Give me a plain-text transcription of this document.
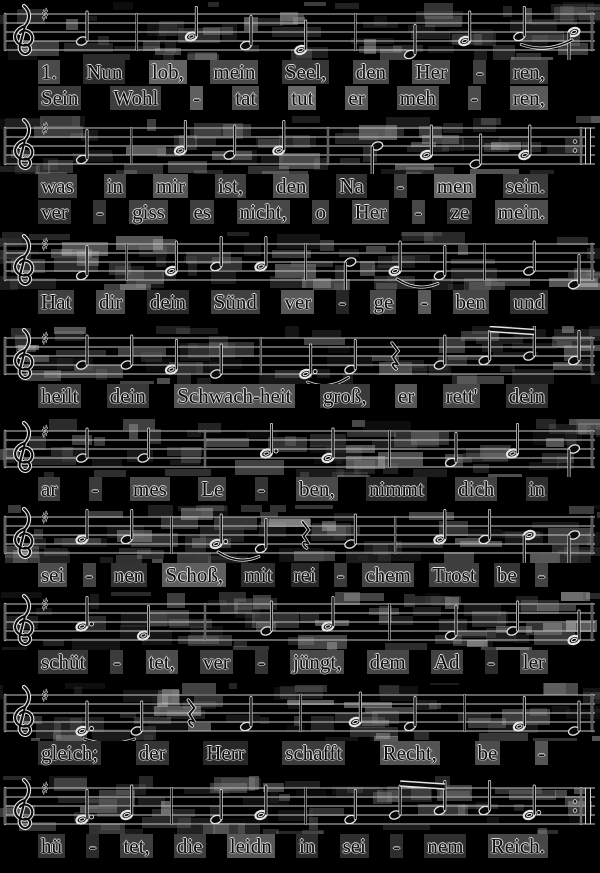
♯
1. Nun lob, mein Seel, den Her - ren,
Sein Wohl - tat tut er meh - ren,
♯
was in mir ist, den Na - men sein.
ver - giss es nicht, o Her - ze mein.
♯
Hat dir dein Sünd ver - ge - ben und
♯
heilt dein Schwach-heit groß, er rett' dein
♯
ar - mes Le - ben, nimmt dich in
♯
sei - nen Schoß, mit rei - chem Trost be -
♯
schüt - tet, ver - jüngt, dem Ad - ler
♯
gleich; der Herr schafft Recht, be -
♯
hü - tet, die leidn in sei - nem Reich.
